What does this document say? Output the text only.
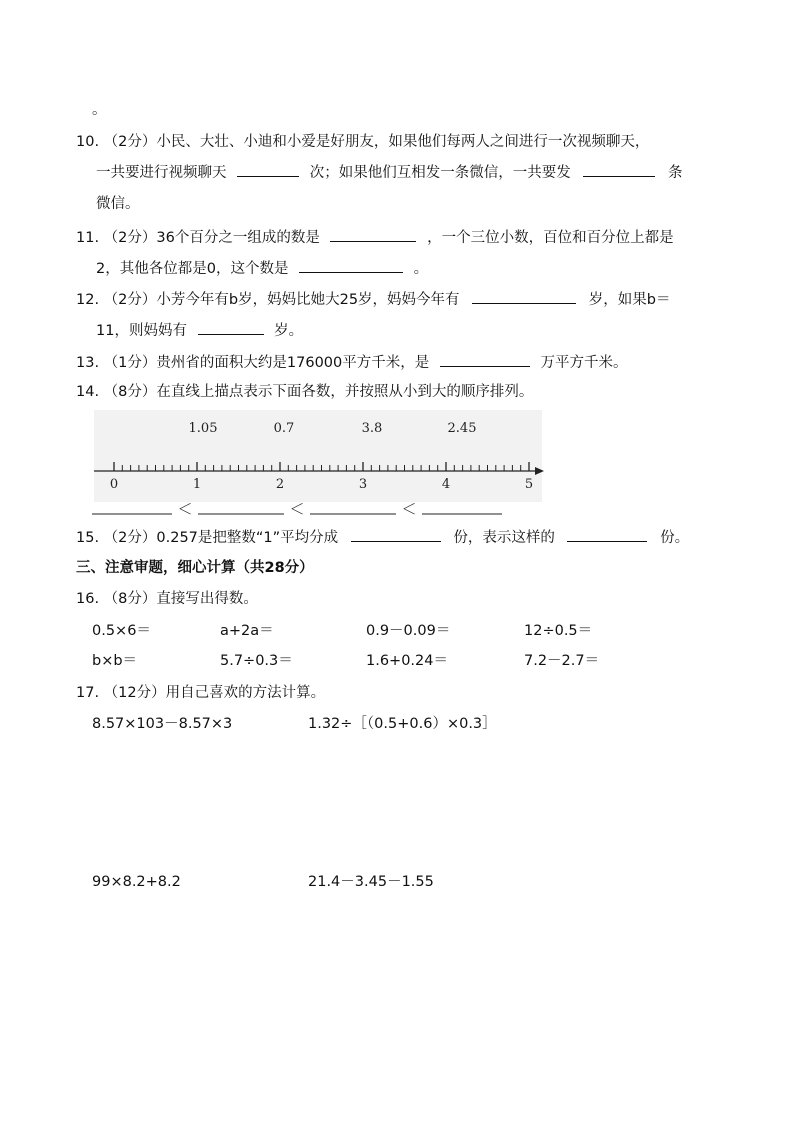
。
10. （2分）小民、大壮、小迪和小爱是好朋友，如果他们每两人之间进行一次视频聊天，
一共要进行视频聊天	次；如果他们互相发一条微信，一共要发	条
微信。
11. （2分）36个百分之一组成的数是	，一个三位小数，百位和百分位上都是
2，其他各位都是0，这个数是	。
12. （2分）小芳今年有b岁，妈妈比她大25岁，妈妈今年有	岁，如果b＝
11，则妈妈有	岁。
13. （1分）贵州省的面积大约是176000平方千米，是	万平方千米。
14. （8分）在直线上描点表示下面各数，并按照从小到大的顺序排列。
1.05	0.7	3.8	2.45
0	1	2	3	4	5
＜	＜	＜
15. （2分）0.257是把整数“1”平均分成	份，表示这样的	份。
三、注意审题，细心计算（共28分）
16. （8分）直接写出得数。
0.5×6＝	a+2a＝	0.9－0.09＝	12÷0.5＝
b×b＝	5.7÷0.3＝	1.6+0.24＝	7.2－2.7＝
17. （12分）用自己喜欢的方法计算。
8.57×103－8.57×3	1.32÷［（0.5+0.6）×0.3］
99×8.2+8.2	21.4－3.45－1.55
